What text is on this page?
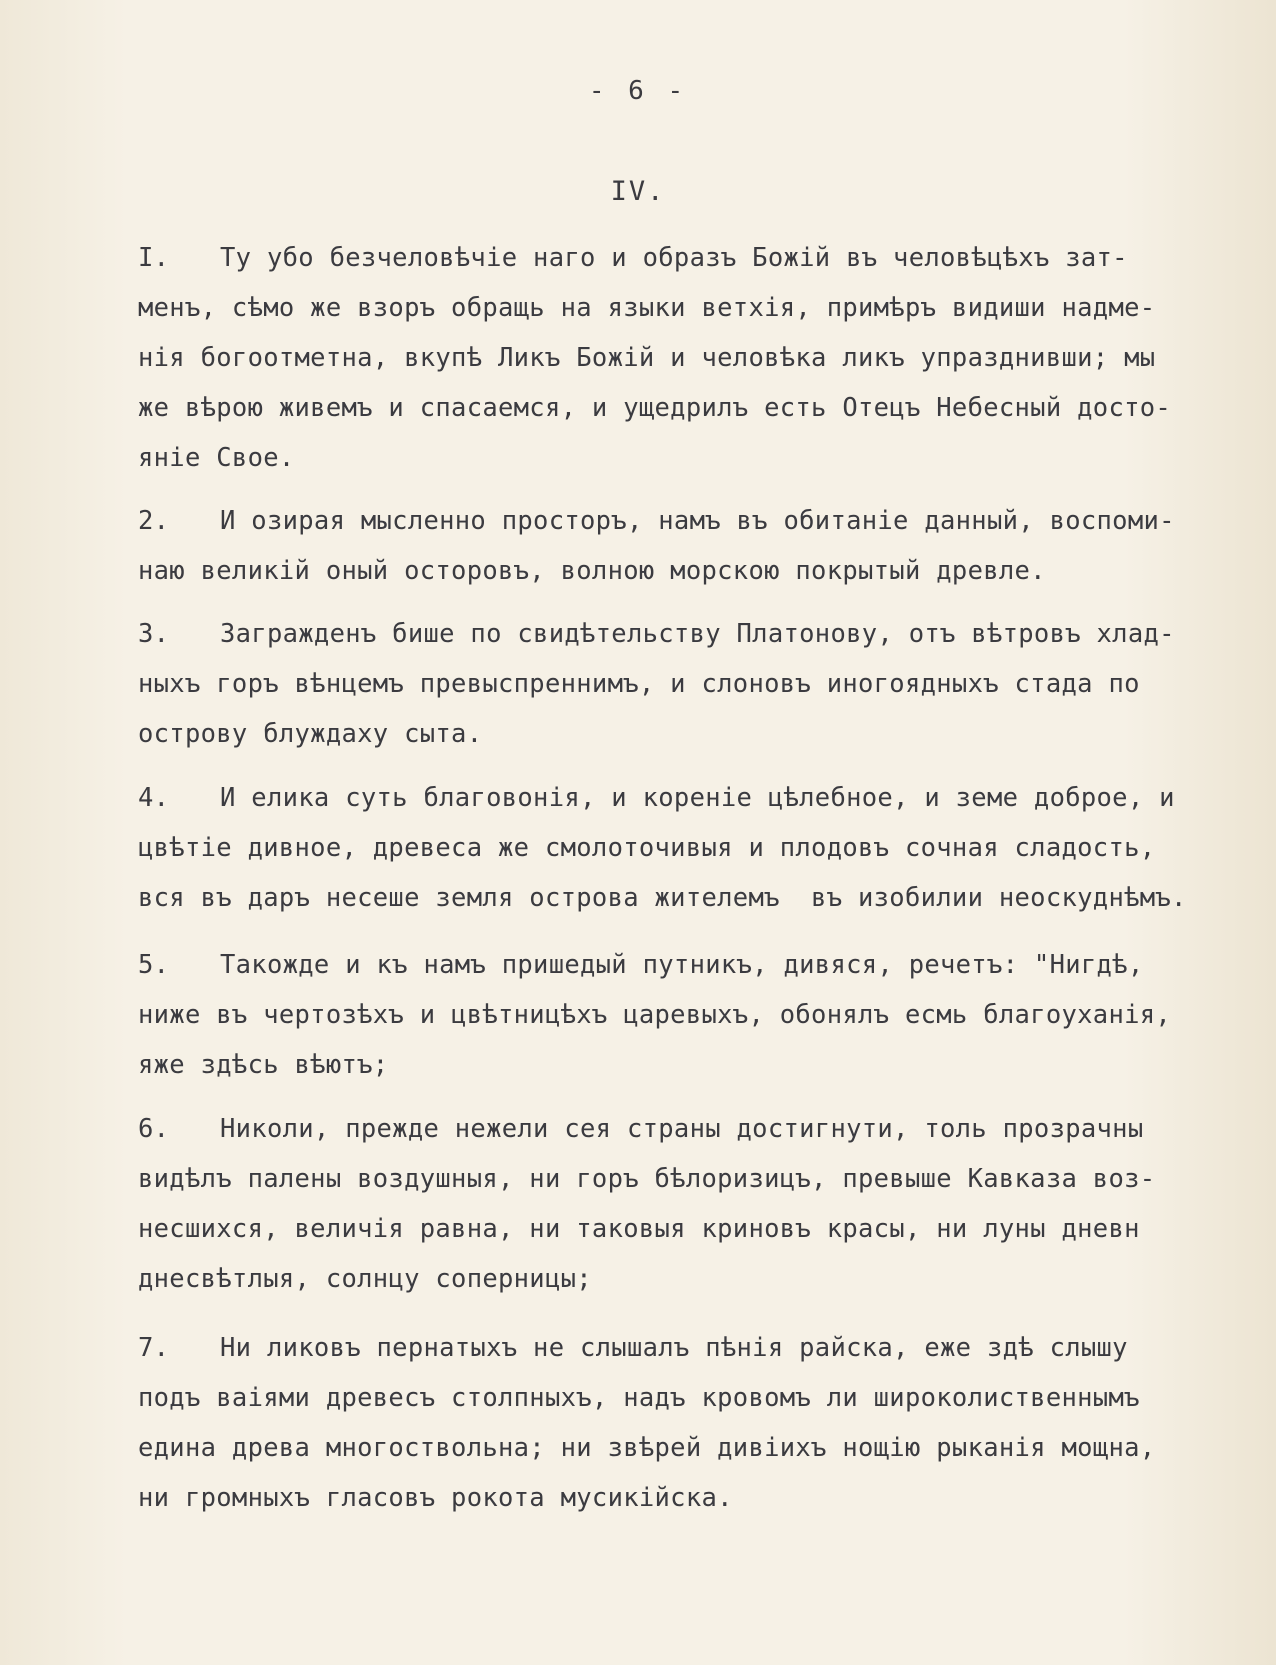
- 6 -
IV.

I. Ту убо безчеловѣчіе наго и образъ Божій въ человѣцѣхъ зат-
менъ, сѣмо же взоръ обращь на языки ветхія, примѣръ видиши надме-
нія богоотметна, вкупѣ Ликъ Божій и человѣка ликъ упразднивши; мы
же вѣрою живемъ и спасаемся, и ущедрилъ есть Отецъ Небесный досто-
яніе Свое.

2. И озирая мысленно просторъ, намъ въ обитаніе данный, воспоми-
наю великій оный остоpовъ, волною морскою покрытый древле.

3. Загражденъ бише по свидѣтельству Платонову, отъ вѣтровъ хлад-
ныхъ горъ вѣнцемъ превыспреннимъ, и слоновъ иногоядныхъ стада по
острову блуждаху сыта.

4. И елика суть благовонія, и кореніе цѣлебное, и земе доброе, и
цвѣтіе дивное, древеса же смолоточивыя и плодовъ сочная сладость,
вся въ даръ несеше земля острова жителемъ  въ изобилии неоскуднѣмъ.

5. Такожде и къ намъ пришедый путникъ, дивяся, речетъ: "Нигдѣ,
ниже въ чертозѣхъ и цвѣтницѣхъ царевыхъ, обонялъ есмь благоуханія,
яже здѣсь вѣютъ;

6. Николи, прежде нежели сея страны достигнути, толь прозрачны
видѣлъ палены воздушныя, ни горъ бѣлоризицъ, превыше Кавказа воз-
несшихся, величія равна, ни таковыя криновъ красы, ни луны дневн
днесвѣтлыя, солнцу соперницы;

7. Ни ликовъ пернатыхъ не слышалъ пѣнія райска, еже здѣ слышу
подъ ваіями древесъ столпныхъ, надъ кровомъ ли широколиственнымъ
едина древа многоствольна; ни звѣрей дивіихъ нощію рыканія мощна,
ни громныхъ гласовъ рокота мусикійска.
